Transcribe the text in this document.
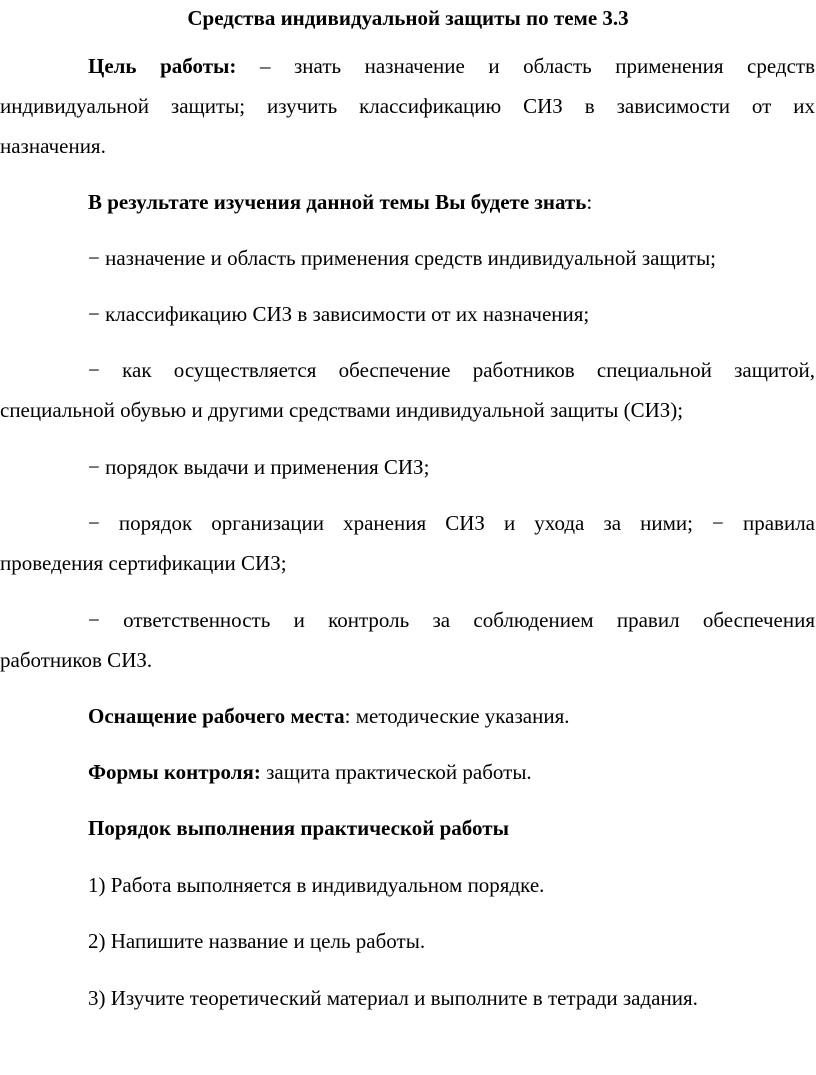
Средства индивидуальной защиты по теме 3.3
Цель работы: – знать назначение и область применения средств
индивидуальной защиты; изучить классификацию СИЗ в зависимости от их
назначения.
В результате изучения данной темы Вы будете знать:
− назначение и область применения средств индивидуальной защиты;
− классификацию СИЗ в зависимости от их назначения;
− как осуществляется обеспечение работников специальной защитой,
специальной обувью и другими средствами индивидуальной защиты (СИЗ);
− порядок выдачи и применения СИЗ;
− порядок организации хранения СИЗ и ухода за ними; − правила
проведения сертификации СИЗ;
− ответственность и контроль за соблюдением правил обеспечения
работников СИЗ.
Оснащение рабочего места: методические указания.
Формы контроля: защита практической работы.
Порядок выполнения практической работы
1) Работа выполняется в индивидуальном порядке.
2) Напишите название и цель работы.
3) Изучите теоретический материал и выполните в тетради задания.
